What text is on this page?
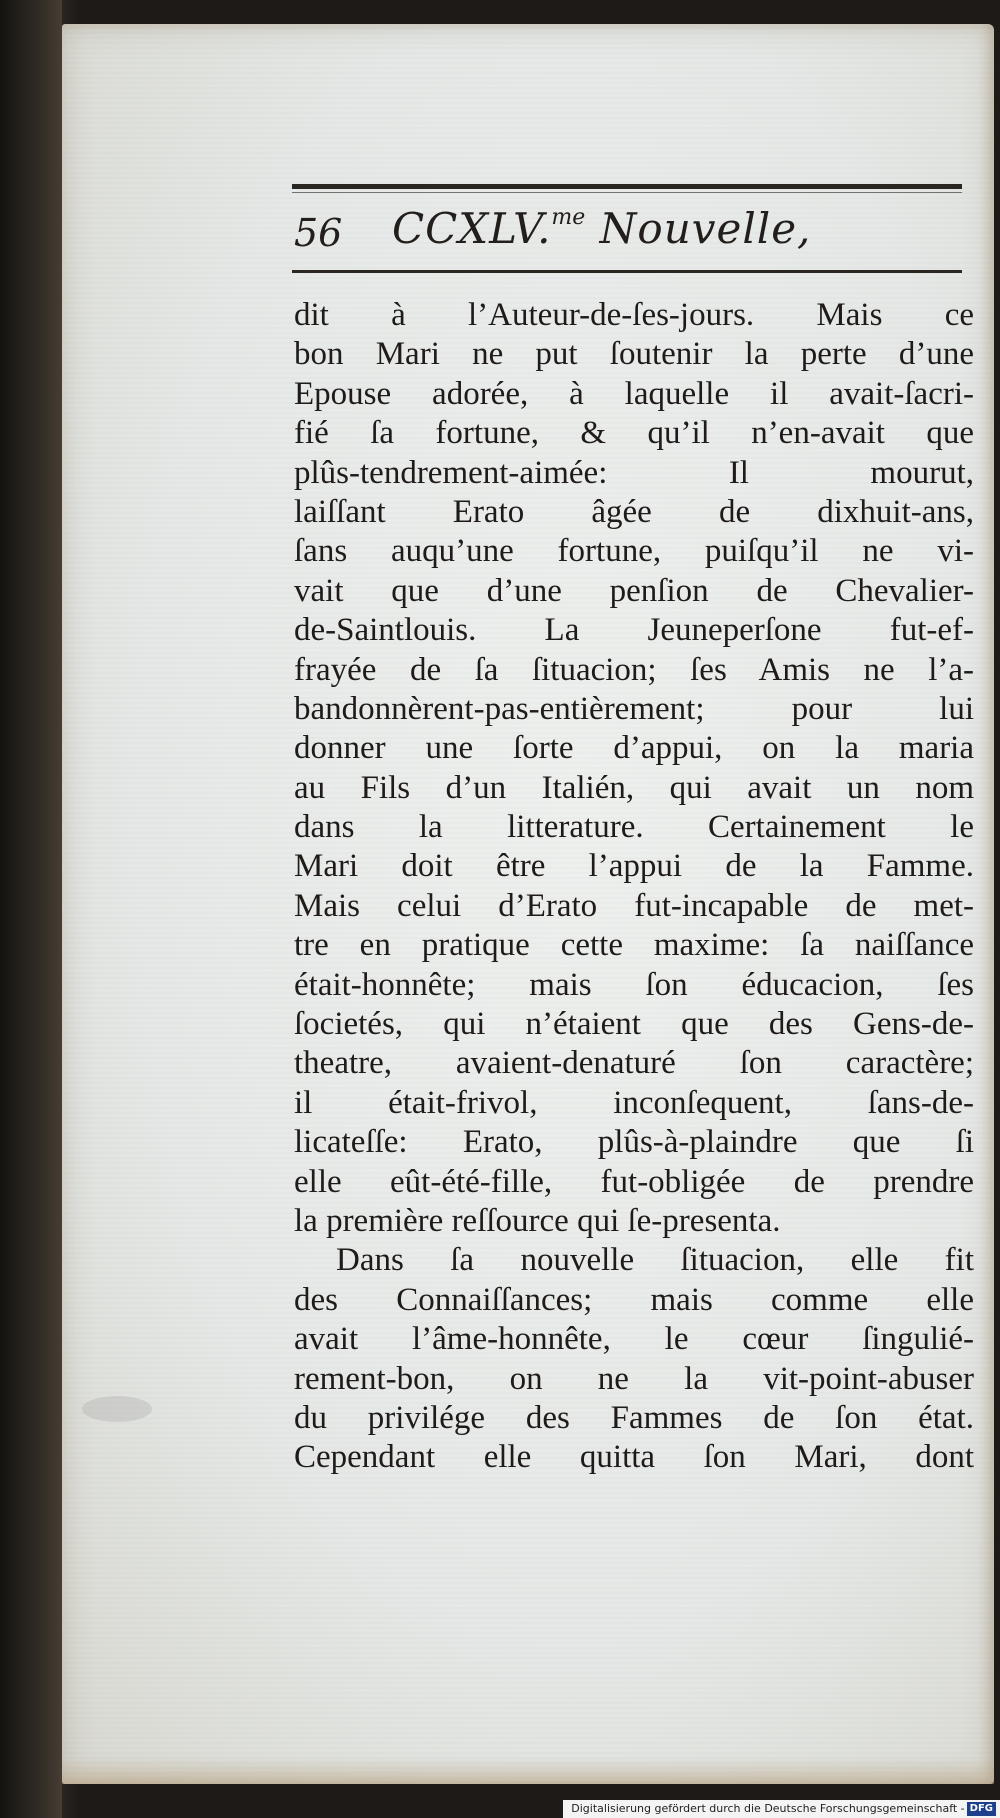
56 CCXLV.$^{me}$ Nouvelle,
dit à l’Auteur-de-ſes-jours. Mais ce
bon Mari ne put ſoutenir la perte d’une
Epouse adorée, à laquelle il avait-ſacri-
fié ſa fortune, & qu’il n’en-avait que
plûs-tendrement-aimée: Il mourut,
laiſſant Erato âgée de dixhuit-ans,
ſans auqu’une fortune, puiſqu’il ne vi-
vait que d’une penſion de Chevalier-
de-Saintlouis. La Jeuneperſone fut-ef-
frayée de ſa ſituacion; ſes Amis ne l’a-
bandonnèrent-pas-entièrement; pour lui
donner une ſorte d’appui, on la maria
au Fils d’un Italién, qui avait un nom
dans la litterature. Certainement le
Mari doit être l’appui de la Famme.
Mais celui d’Erato fut-incapable de met-
tre en pratique cette maxime: ſa naiſſance
était-honnête; mais ſon éducacion, ſes
ſocietés, qui n’étaient que des Gens-de-
theatre, avaient-denaturé ſon caractère;
il était-frivol, inconſequent, ſans-de-
licateſſe: Erato, plûs-à-plaindre que ſi
elle eût-été-fille, fut-obligée de prendre
la première reſſource qui ſe-presenta.
Dans ſa nouvelle ſituacion, elle fit
des Connaiſſances; mais comme elle
avait l’âme-honnête, le cœur ſingulié-
rement-bon, on ne la vit-point-abuser
du privilége des Fammes de ſon état.
Cependant elle quitta ſon Mari, dont
Digitalisierung gefördert durch die Deutsche Forschungsgemeinschaft - DFG
